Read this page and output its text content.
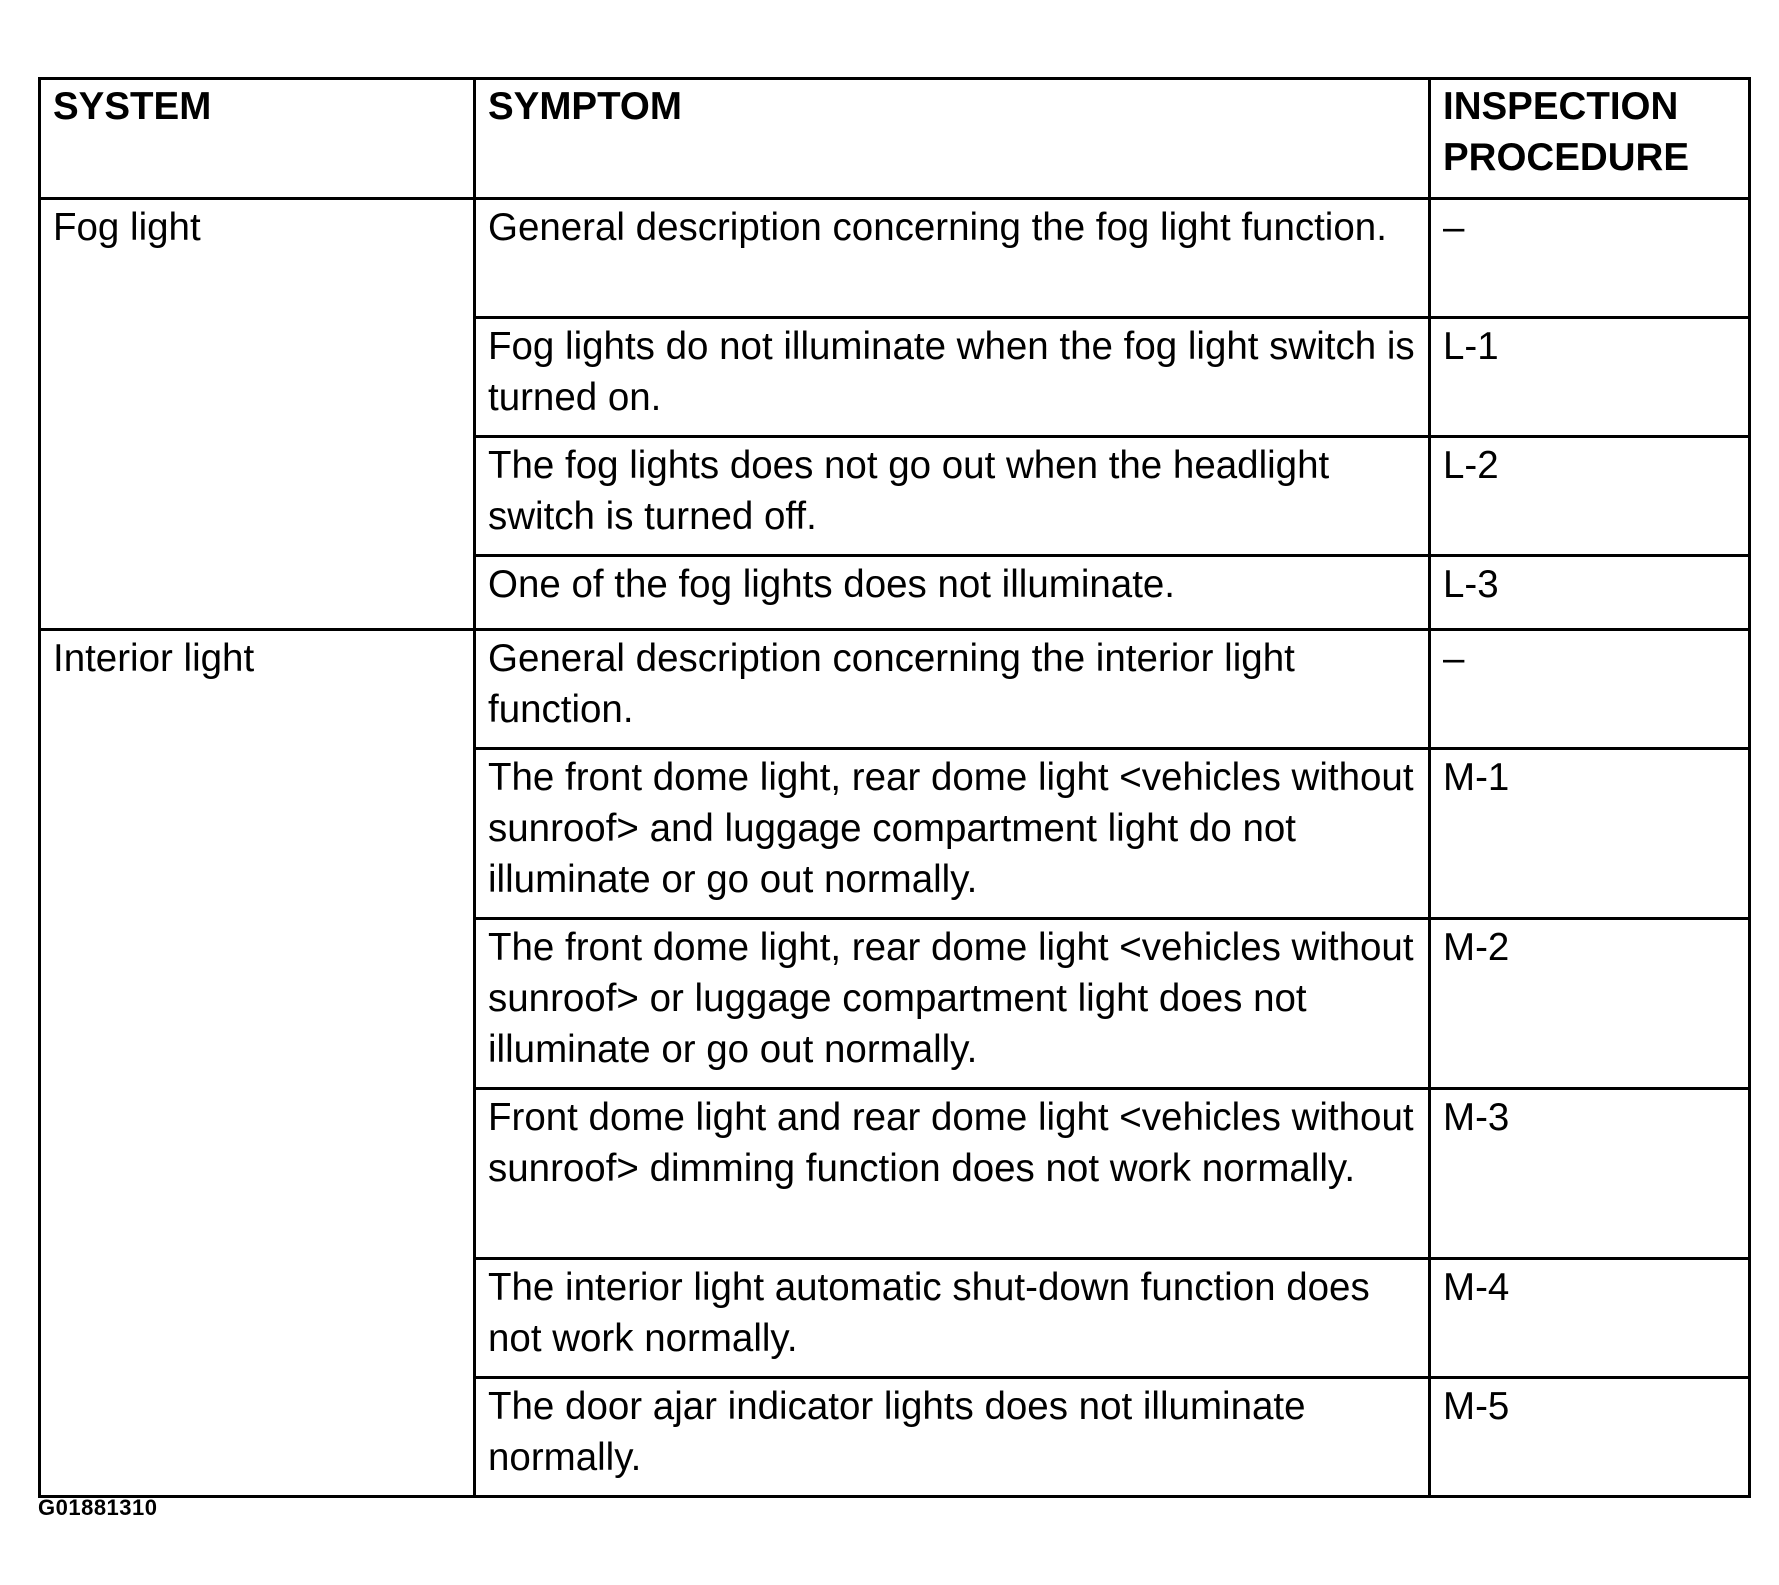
SYSTEM	SYMPTOM	INSPECTION
PROCEDURE
Fog light	General description concerning the fog light function.	–
	Fog lights do not illuminate when the fog light switch is turned on.	L-1
	The fog lights does not go out when the headlight switch is turned off.	L-2
	One of the fog lights does not illuminate.	L-3
Interior light	General description concerning the interior light function.	–
	The front dome light, rear dome light <vehicles without sunroof> and luggage compartment light do not illuminate or go out normally.	M-1
	The front dome light, rear dome light <vehicles without sunroof> or luggage compartment light does not illuminate or go out normally.	M-2
	Front dome light and rear dome light <vehicles without sunroof> dimming function does not work normally.	M-3
	The interior light automatic shut-down function does not work normally.	M-4
	The door ajar indicator lights does not illuminate normally.	M-5
G01881310
